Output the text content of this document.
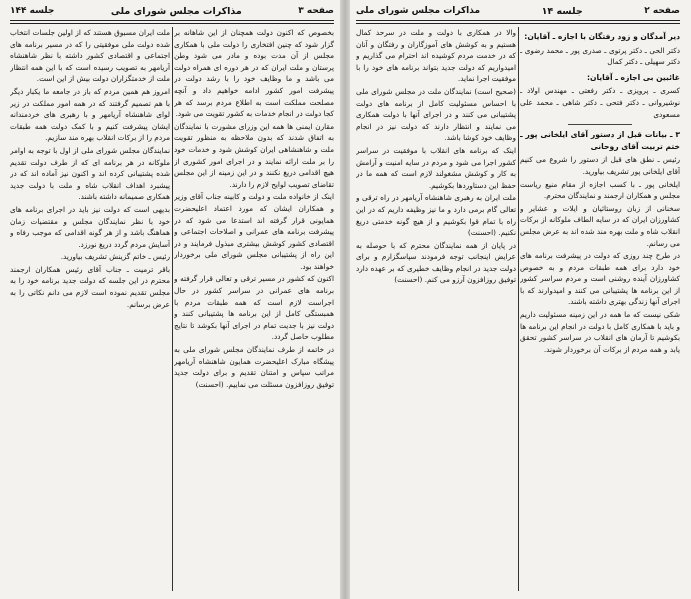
صفحه ۳
مذاکرات مجلس شورای ملی
جلسه ۱۴۴

بخصوص که اکنون دولت همچنان از این شاهانه بر گزار شود که چنین افتخاری را دولت ملی با همکاری مجلس از آن مدت بوده و مادر می شود وطن پرستان و ملت ایران که در هر دوره ای همراه دولت می باشد و ما وظایف خود را با رشد دولت در پیشرفت امور کشور ادامه خواهیم داد و آنچه مصلحت مملکت است به اطلاع مردم برسد که هر کجا دولت در انجام خدمات به کشور تقویت می شود.

مقارن ایمنی ها همه این وزرای مشورت با نمایندگان به اتفاق شدند که بدون ملاحظه به منظور تقویت ملت و شاهنشاهی ایران کوشش شود و خدمات خود را بر ملت ارائه نمایند و در اجرای امور کشوری از هیچ اقدامی دریغ نکنند و در این زمینه از این مجلس تقاضای تصویب لوایح لازم را دارند.

اینک از خانواده ملت و دولت و کابینه جناب آقای وزیر و همکاران ایشان که مورد اعتماد اعلیحضرت همایونی قرار گرفته اند استدعا می شود که در پیشرفت برنامه های عمرانی و اصلاحات اجتماعی و اقتصادی کشور کوشش بیشتری مبذول فرمایند و در این راه از پشتیبانی مجلس شورای ملی برخوردار خواهند بود.

اکنون که کشور در مسیر ترقی و تعالی قرار گرفته و برنامه های عمرانی در سراسر کشور در حال اجراست لازم است که همه طبقات مردم با همبستگی کامل از این برنامه ها پشتیبانی کنند و دولت نیز با جدیت تمام در اجرای آنها بکوشد تا نتایج مطلوب حاصل گردد.

در خاتمه از طرف نمایندگان مجلس شورای ملی به پیشگاه مبارک اعلیحضرت همایون شاهنشاه آریامهر مراتب سپاس و امتنان تقدیم و برای دولت جدید توفیق روزافزون مسئلت می نماییم. (احسنت)

ملت ایران مسبوق هستند که از اولین جلسات انتخاب شده دولت ملی موفقیتی را که در مسیر برنامه های اجتماعی و اقتصادی کشور داشته با نظر شاهنشاه آریامهر به تصویب رسیده است که با این همه انتظار ملت از خدمتگزاران دولت بیش از این است.

امروز هم همین مردم که باز در جامعه ما یکبار دیگر با هم تصمیم گرفتند که در همه امور مملکت در زیر لوای شاهنشاه آریامهر و با رهبری های خردمندانه ایشان پیشرفت کنیم و با کمک دولت همه طبقات مردم را از برکات انقلاب بهره مند سازیم.

نمایندگان مجلس شورای ملی از اول با توجه به اوامر ملوکانه در هر برنامه ای که از طرف دولت تقدیم شده پشتیبانی کرده اند و اکنون نیز آماده اند که در پیشبرد اهداف انقلاب شاه و ملت با دولت جدید همکاری صمیمانه داشته باشند.

بدیهی است که دولت نیز باید در اجرای برنامه های خود با نظر نمایندگان مجلس و مقتضیات زمان هماهنگ باشد و از هر گونه اقدامی که موجب رفاه و آسایش مردم گردد دریغ نورزد.

رئیس ـ خاتم گزینش تشریف بیاورید.

باقر ترمیت ـ جناب آقای رئیس همکاران ارجمند محترم در این جلسه که دولت جدید برنامه خود را به مجلس تقدیم نموده است لازم می دانم نکاتی را به عرض برسانم.

صفحه ۲
جلسه ۱۴
مذاکرات مجلس شورای ملی

دیر آمدگان و زود رفتگان با اجازه ـ آقایان:

دکتر الحی ـ دکتر پرتوی ـ صدری پور ـ محمد رضوی ـ دکتر سهیلی ـ دکتر کمال

غائبین بی اجازه ـ آقایان:

کسری ـ پرویزی ـ دکتر رفعتی ـ مهندس اولاد ـ نوشیروانی ـ دکتر فتحی ـ دکتر شاهی ـ محمد علی مسعودی

۳ ـ بیانات قبل از دستور آقای ایلخانی پور ـ ختم تربیت آقای روحانی

رئیس ـ نطق های قبل از دستور را شروع می کنیم آقای ایلخانی پور تشریف بیاورید.

ایلخانی پور ـ با کسب اجازه از مقام منیع ریاست مجلس و همکاران ارجمند و نمایندگان محترم.

سخنانی از زبان روستائیان و ایلات و عشایر و کشاورزان ایران که در سایه الطاف ملوکانه از برکات انقلاب شاه و ملت بهره مند شده اند به عرض مجلس می رسانم.

در طرح چند روزی که دولت در پیشرفت برنامه های خود دارد برای همه طبقات مردم و به خصوص کشاورزان آینده روشنی است و مردم سراسر کشور از این برنامه ها پشتیبانی می کنند و امیدوارند که با اجرای آنها زندگی بهتری داشته باشند.

شکی نیست که ما همه در این زمینه مسئولیت داریم و باید با همکاری کامل با دولت در انجام این برنامه ها بکوشیم تا آرمان های انقلاب در سراسر کشور تحقق یابد و همه مردم از برکات آن برخوردار شوند.

والا در همکاری با دولت و ملت در سرحد کمال هستیم و به کوشش های آموزگاران و رفتگان و آنان که در خدمت مردم کوشیده اند احترام می گذاریم و امیدواریم که دولت جدید بتواند برنامه های خود را با موفقیت اجرا نماید.

(صحیح است) نمایندگان ملت در مجلس شورای ملی با احساس مسئولیت کامل از برنامه های دولت پشتیبانی می کنند و در اجرای آنها با دولت همکاری می نمایند و انتظار دارند که دولت نیز در انجام وظایف خود کوشا باشد.

اینک که برنامه های انقلاب با موفقیت در سراسر کشور اجرا می شود و مردم در سایه امنیت و آرامش به کار و کوشش مشغولند لازم است که همه ما در حفظ این دستاوردها بکوشیم.

ملت ایران به رهبری شاهنشاه آریامهر در راه ترقی و تعالی گام برمی دارد و ما نیز وظیفه داریم که در این راه با تمام قوا بکوشیم و از هیچ گونه خدمتی دریغ نکنیم. (احسنت)

در پایان از همه نمایندگان محترم که با حوصله به عرایض اینجانب توجه فرمودند سپاسگزارم و برای دولت جدید در انجام وظایف خطیری که بر عهده دارد توفیق روزافزون آرزو می کنم. (احسنت)
